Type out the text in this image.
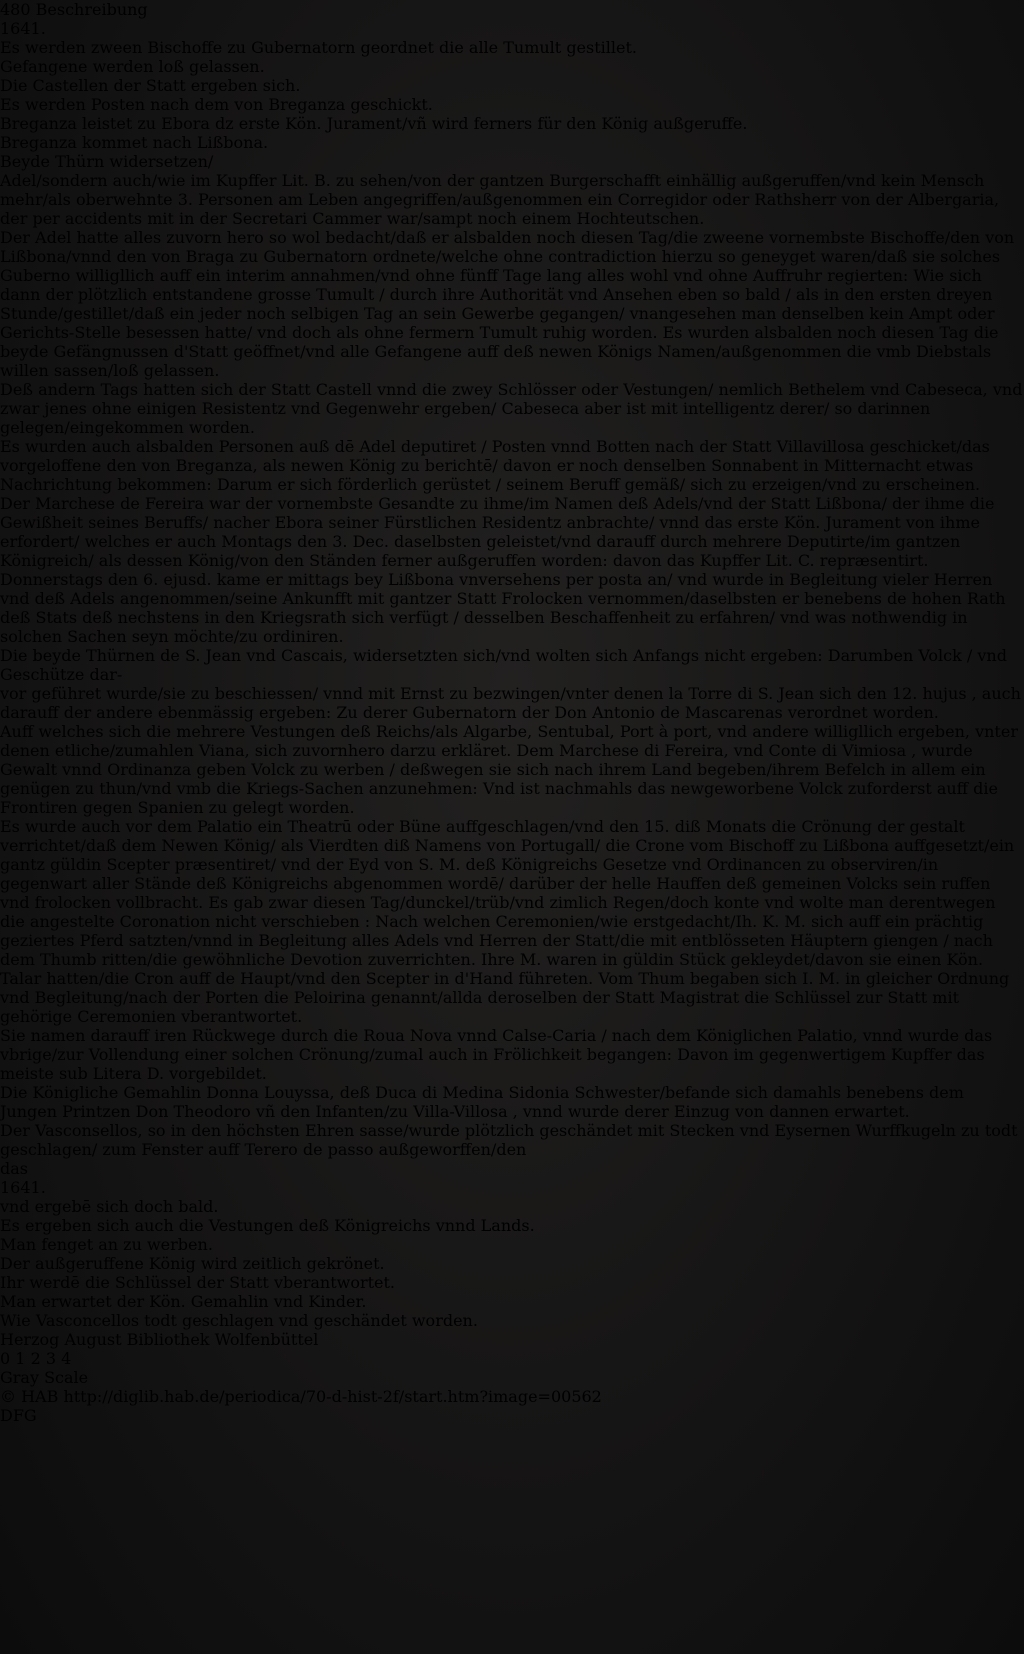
480 Beschreibung
1641.
Es werden zween Bischoffe zu Gubernatorn geordnet die alle Tumult gestillet.
Gefangene werden loß gelassen.
Die Castellen der Statt ergeben sich.
Es werden Posten nach dem von Breganza geschickt.
Breganza leistet zu Ebora dz erste Kön. Jurament/vñ wird ferners für den König außgeruffe.
Breganza kommet nach Lißbona.
Beyde Thürn widersetzen/

Adel/sondern auch/wie im Kupffer Lit. B. zu sehen/von der gantzen Burgerschafft einhällig außgeruffen/vnd kein Mensch mehr/als oberwehnte 3. Personen am Leben angegriffen/außgenommen ein Corregidor oder Rathsherr von der Albergaria, der per accidents mit in der Secretari Cammer war/sampt noch einem Hochteutschen.

Der Adel hatte alles zuvorn hero so wol bedacht/daß er alsbalden noch diesen Tag/die zweene vornembste Bischoffe/den von Lißbona/vnnd den von Braga zu Gubernatorn ordnete/welche ohne contradiction hierzu so geneyget waren/daß sie solches Guberno willigllich auff ein interim annahmen/vnd ohne fünff Tage lang alles wohl vnd ohne Auffruhr regierten: Wie sich dann der plötzlich entstandene grosse Tumult / durch ihre Authorität vnd Ansehen eben so bald / als in den ersten dreyen Stunde/gestillet/daß ein jeder noch selbigen Tag an sein Gewerbe gegangen/ vnangesehen man denselben kein Ampt oder Gerichts-Stelle besessen hatte/ vnd doch als ohne fermern Tumult ruhig worden. Es wurden alsbalden noch diesen Tag die beyde Gefängnussen d'Statt geöffnet/vnd alle Gefangene auff deß newen Königs Namen/außgenommen die vmb Diebstals willen sassen/loß gelassen.

Deß andern Tags hatten sich der Statt Castell vnnd die zwey Schlösser oder Vestungen/ nemlich Bethelem vnd Cabeseca, vnd zwar jenes ohne einigen Resistentz vnd Gegenwehr ergeben/ Cabeseca aber ist mit intelligentz derer/ so darinnen gelegen/eingekommen worden.

Es wurden auch alsbalden Personen auß dē Adel deputiret / Posten vnnd Botten nach der Statt Villavillosa geschicket/das vorgeloffene den von Breganza, als newen König zu berichtē/ davon er noch denselben Sonnabent in Mitternacht etwas Nachrichtung bekommen: Darum er sich förderlich gerüstet / seinem Beruff gemäß/ sich zu erzeigen/vnd zu erscheinen.

Der Marchese de Fereira war der vornembste Gesandte zu ihme/im Namen deß Adels/vnd der Statt Lißbona/ der ihme die Gewißheit seines Beruffs/ nacher Ebora seiner Fürstlichen Residentz anbrachte/ vnnd das erste Kön. Jurament von ihme erfordert/ welches er auch Montags den 3. Dec. daselbsten geleistet/vnd darauff durch mehrere Deputirte/im gantzen Königreich/ als dessen König/von den Ständen ferner außgeruffen worden: davon das Kupffer Lit. C. repræsentirt. Donnerstags den 6. ejusd. kame er mittags bey Lißbona vnversehens per posta an/ vnd wurde in Begleitung vieler Herren vnd deß Adels angenommen/seine Ankunfft mit gantzer Statt Frolocken vernommen/daselbsten er benebens de hohen Rath deß Stats deß nechstens in den Kriegsrath sich verfügt / desselben Beschaffenheit zu erfahren/ vnd was nothwendig in solchen Sachen seyn möchte/zu ordiniren.

Die beyde Thürnen de S. Jean vnd Cascais, widersetzten sich/vnd wolten sich Anfangs nicht ergeben: Darumben Volck / vnd Geschütze dar-

vor geführet wurde/sie zu beschiessen/ vnnd mit Ernst zu bezwingen/vnter denen la Torre di S. Jean sich den 12. hujus , auch darauff der andere ebenmässig ergeben: Zu derer Gubernatorn der Don Antonio de Mascarenas verordnet worden.

Auff welches sich die mehrere Vestungen deß Reichs/als Algarbe, Sentubal, Port à port, vnd andere willigllich ergeben, vnter denen etliche/zumahlen Viana, sich zuvornhero darzu erkläret. Dem Marchese di Fereira, vnd Conte di Vimiosa , wurde Gewalt vnnd Ordinanza geben Volck zu werben / deßwegen sie sich nach ihrem Land begeben/ihrem Befelch in allem ein genügen zu thun/vnd vmb die Kriegs-Sachen anzunehmen: Vnd ist nachmahls das newgeworbene Volck zuforderst auff die Frontiren gegen Spanien zu gelegt worden.

Es wurde auch vor dem Palatio ein Theatrū oder Büne auffgeschlagen/vnd den 15. diß Monats die Crönung der gestalt verrichtet/daß dem Newen König/ als Vierdten diß Namens von Portugall/ die Crone vom Bischoff zu Lißbona auffgesetzt/ein gantz güldin Scepter præsentiret/ vnd der Eyd von S. M. deß Königreichs Gesetze vnd Ordinancen zu observiren/in gegenwart aller Stände deß Königreichs abgenommen wordē/ darüber der helle Hauffen deß gemeinen Volcks sein ruffen vnd frolocken vollbracht. Es gab zwar diesen Tag/dunckel/trüb/vnd zimlich Regen/doch konte vnd wolte man derentwegen die angestelte Coronation nicht verschieben : Nach welchen Ceremonien/wie erstgedacht/Ih. K. M. sich auff ein prächtig geziertes Pferd satzten/vnnd in Begleitung alles Adels vnd Herren der Statt/die mit entblösseten Häuptern giengen / nach dem Thumb ritten/die gewöhnliche Devotion zuverrichten. Ihre M. waren in güldin Stück gekleydet/davon sie einen Kön. Talar hatten/die Cron auff de Haupt/vnd den Scepter in d'Hand führeten. Vom Thum begaben sich I. M. in gleicher Ordnung vnd Begleitung/nach der Porten die Peloirina genannt/allda deroselben der Statt Magistrat die Schlüssel zur Statt mit gehörige Ceremonien vberantwortet.

Sie namen darauff iren Rückwege durch die Roua Nova vnnd Calse-Caria / nach dem Königlichen Palatio, vnnd wurde das vbrige/zur Vollendung einer solchen Crönung/zumal auch in Frölichkeit begangen: Davon im gegenwertigem Kupffer das meiste sub Litera D. vorgebildet.

Die Königliche Gemahlin Donna Louyssa, deß Duca di Medina Sidonia Schwester/befande sich damahls benebens dem Jungen Printzen Don Theodoro vñ den Infanten/zu Villa-Villosa , vnnd wurde derer Einzug von dannen erwartet.

Der Vasconsellos, so in den höchsten Ehren sasse/wurde plötzlich geschändet mit Stecken vnd Eysernen Wurffkugeln zu todt geschlagen/ zum Fenster auff Terero de passo außgeworffen/den

das
1641.
vnd ergebē sich doch bald.
Es ergeben sich auch die Vestungen deß Königreichs vnnd Lands.
Man fenget an zu werben.
Der außgeruffene König wird zeitlich gekrönet.
Ihr werdē die Schlüssel der Statt vberantwortet.
Man erwartet der Kön. Gemahlin vnd Kinder.
Wie Vasconcellos todt geschlagen vnd geschändet worden.
Herzog August Bibliothek Wolfenbüttel
0 1 2 3 4
Gray Scale
© HAB http://diglib.hab.de/periodica/70-d-hist-2f/start.htm?image=00562
DFG
